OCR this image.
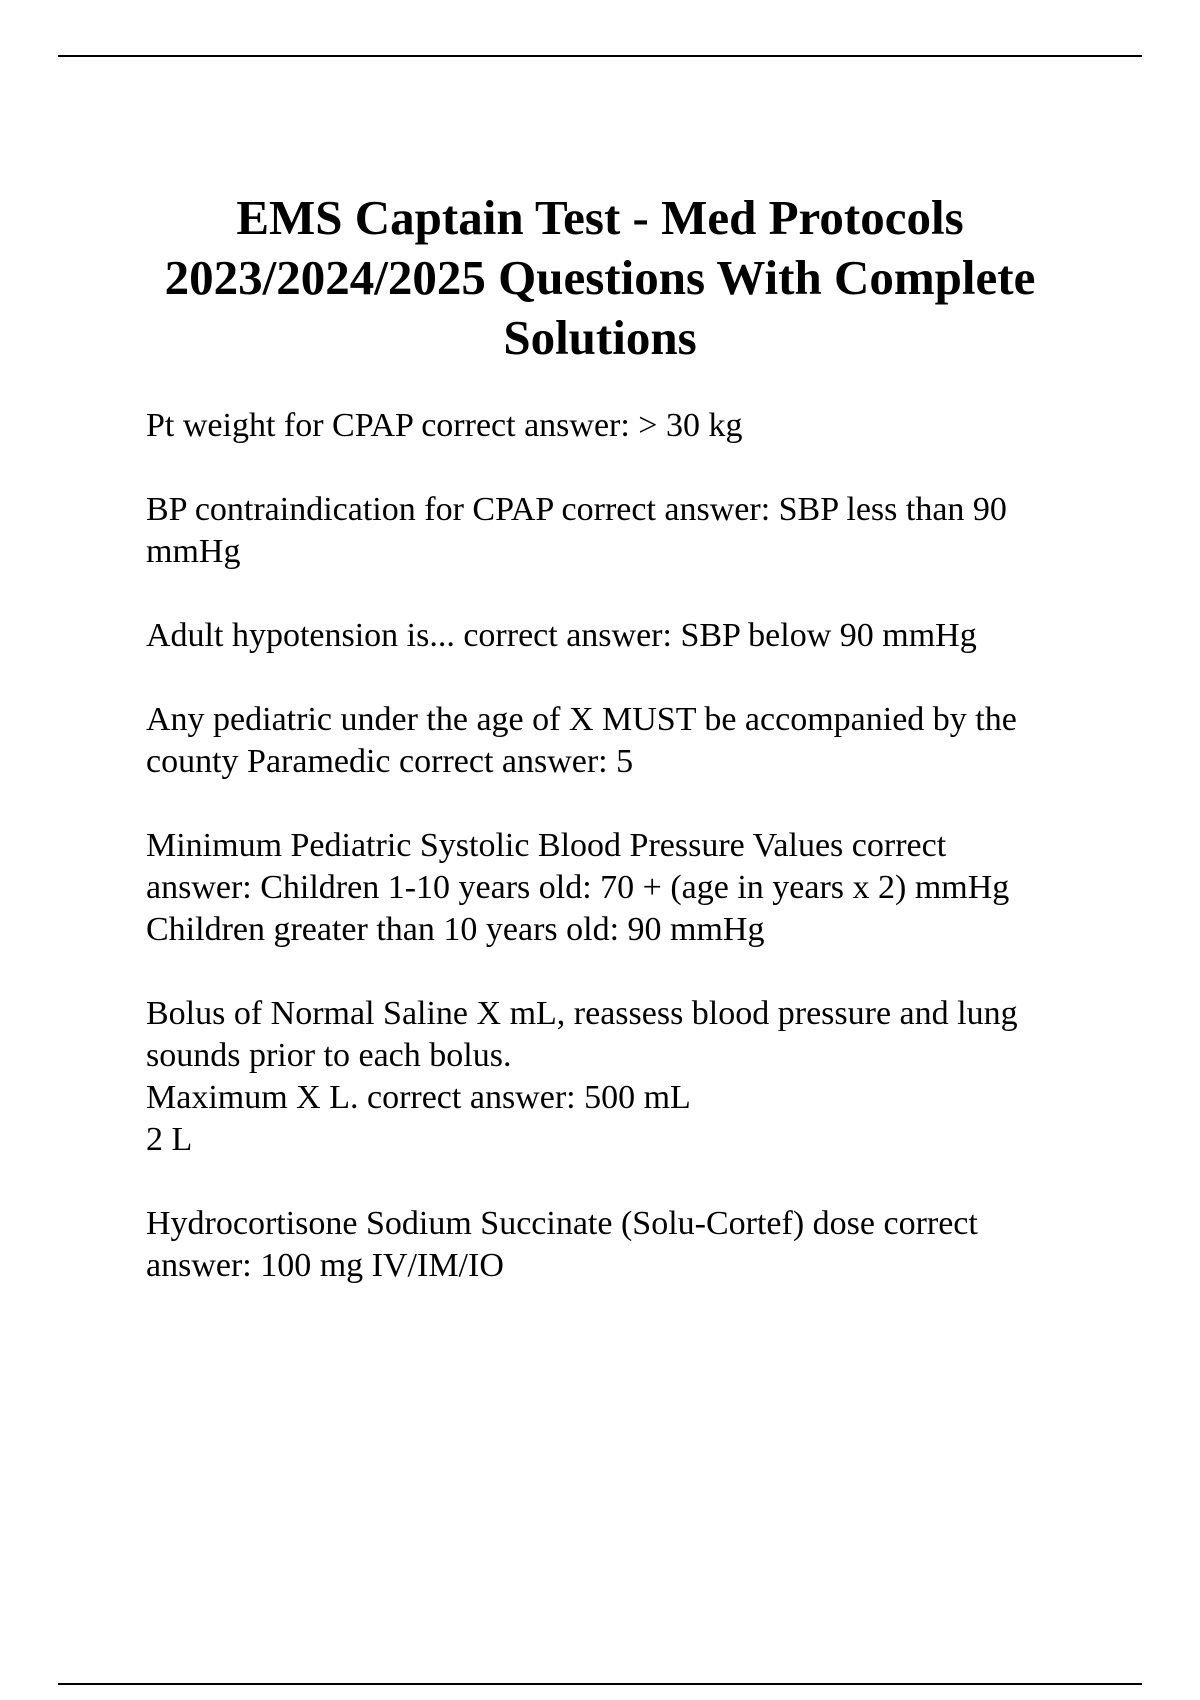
EMS Captain Test - Med Protocols 2023/2024/2025 Questions With Complete Solutions
Pt weight for CPAP correct answer: > 30 kg
BP contraindication for CPAP correct answer: SBP less than 90
mmHg
Adult hypotension is... correct answer: SBP below 90 mmHg
Any pediatric under the age of X MUST be accompanied by the
county Paramedic correct answer: 5
Minimum Pediatric Systolic Blood Pressure Values correct
answer: Children 1-10 years old: 70 + (age in years x 2) mmHg
Children greater than 10 years old: 90 mmHg
Bolus of Normal Saline X mL, reassess blood pressure and lung
sounds prior to each bolus.
Maximum X L. correct answer: 500 mL
2 L
Hydrocortisone Sodium Succinate (Solu-Cortef) dose correct
answer: 100 mg IV/IM/IO
